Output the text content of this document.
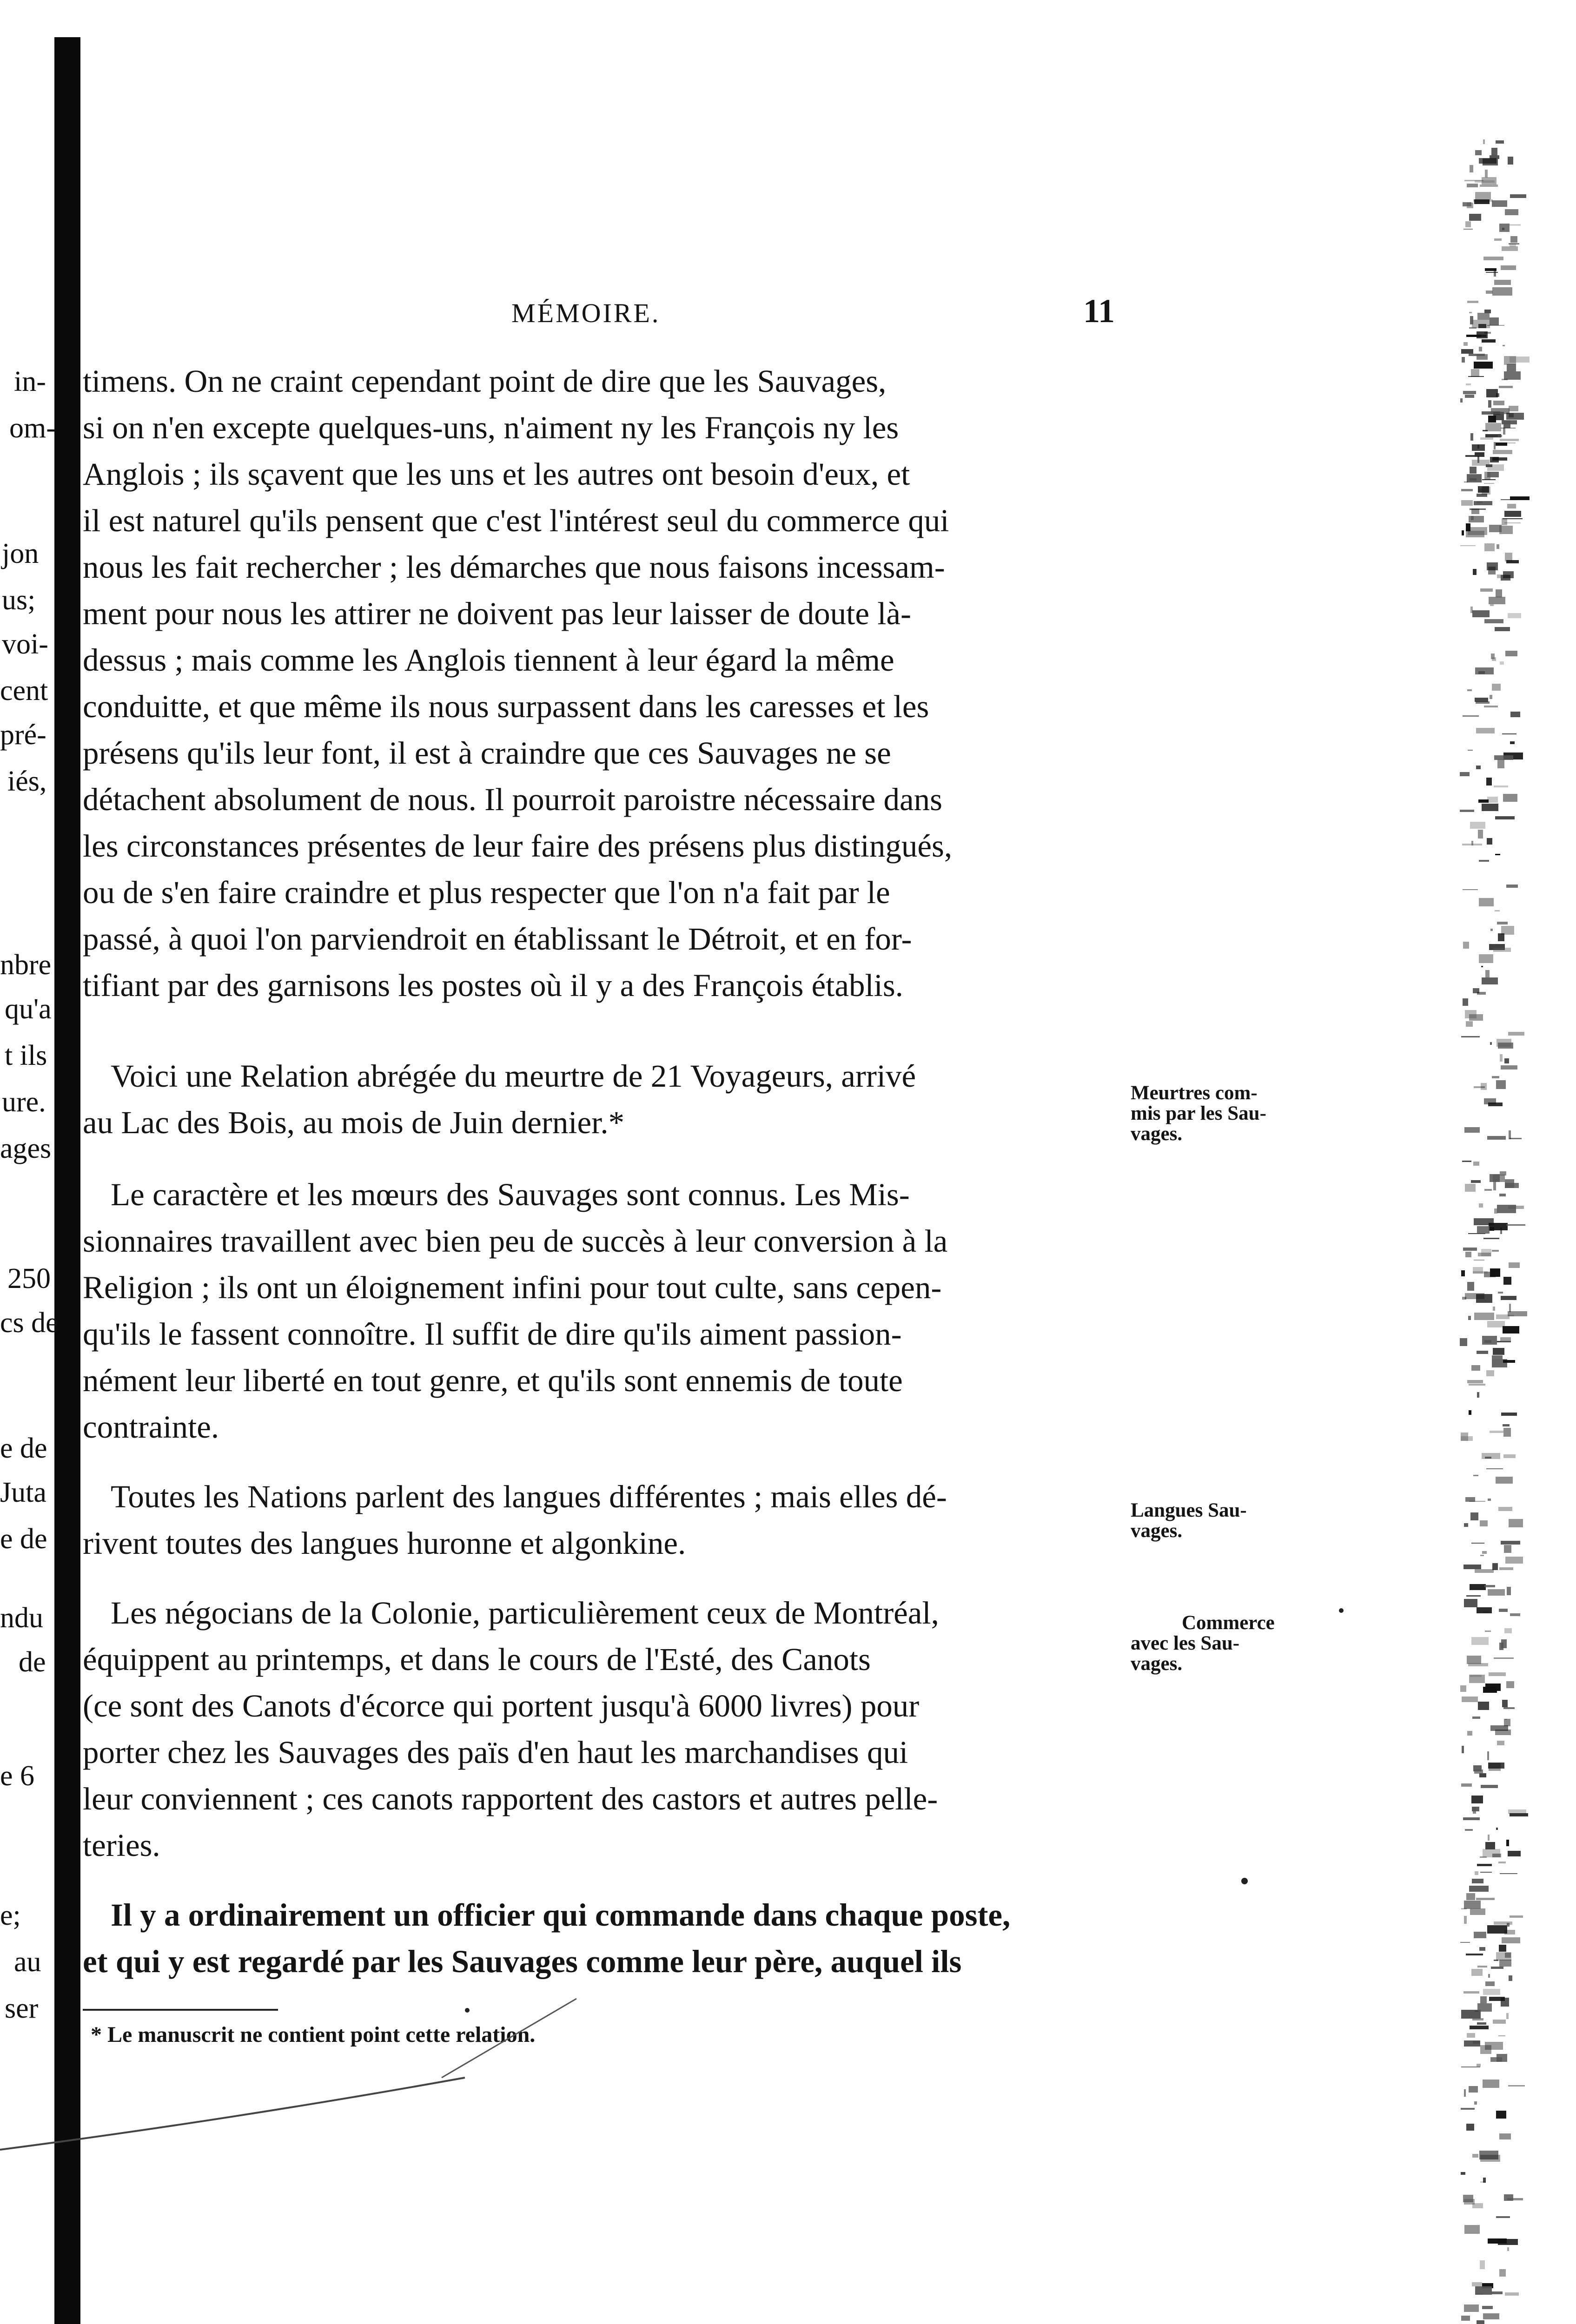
in-
om-
jon
us;
voi-
cent
pré-
iés,
nbre
qu'a
t ils
ure.
ages
250
cs de
e de
Juta
e de
ndu
de
e 6
e;
au
ser
MÉMOIRE.	11
timens. On ne craint cependant point de dire que les Sauvages,
si on n'en excepte quelques-uns, n'aiment ny les François ny les
Anglois ; ils sçavent que les uns et les autres ont besoin d'eux, et
il est naturel qu'ils pensent que c'est l'intérest seul du commerce qui
nous les fait rechercher ; les démarches que nous faisons incessam-
ment pour nous les attirer ne doivent pas leur laisser de doute là-
dessus ; mais comme les Anglois tiennent à leur égard la même
conduitte, et que même ils nous surpassent dans les caresses et les
présens qu'ils leur font, il est à craindre que ces Sauvages ne se
détachent absolument de nous. Il pourroit paroistre nécessaire dans
les circonstances présentes de leur faire des présens plus distingués,
ou de s'en faire craindre et plus respecter que l'on n'a fait par le
passé, à quoi l'on parviendroit en établissant le Détroit, et en for-
tifiant par des garnisons les postes où il y a des François établis.
Voici une Relation abrégée du meurtre de 21 Voyageurs, arrivé
au Lac des Bois, au mois de Juin dernier.*
Le caractère et les mœurs des Sauvages sont connus. Les Mis-
sionnaires travaillent avec bien peu de succès à leur conversion à la
Religion ; ils ont un éloignement infini pour tout culte, sans cepen-
qu'ils le fassent connoître. Il suffit de dire qu'ils aiment passion-
nément leur liberté en tout genre, et qu'ils sont ennemis de toute
contrainte.
Toutes les Nations parlent des langues différentes ; mais elles dé-
rivent toutes des langues huronne et algonkine.
Les négocians de la Colonie, particulièrement ceux de Montréal,
équippent au printemps, et dans le cours de l'Esté, des Canots
(ce sont des Canots d'écorce qui portent jusqu'à 6000 livres) pour
porter chez les Sauvages des païs d'en haut les marchandises qui
leur conviennent ; ces canots rapportent des castors et autres pelle-
teries.
Il y a ordinairement un officier qui commande dans chaque poste,
et qui y est regardé par les Sauvages comme leur père, auquel ils
Meurtres com-
mis par les Sau-
vages.
Langues Sau-
vages.
Commerce
avec les Sau-
vages.
* Le manuscrit ne contient point cette relation.
